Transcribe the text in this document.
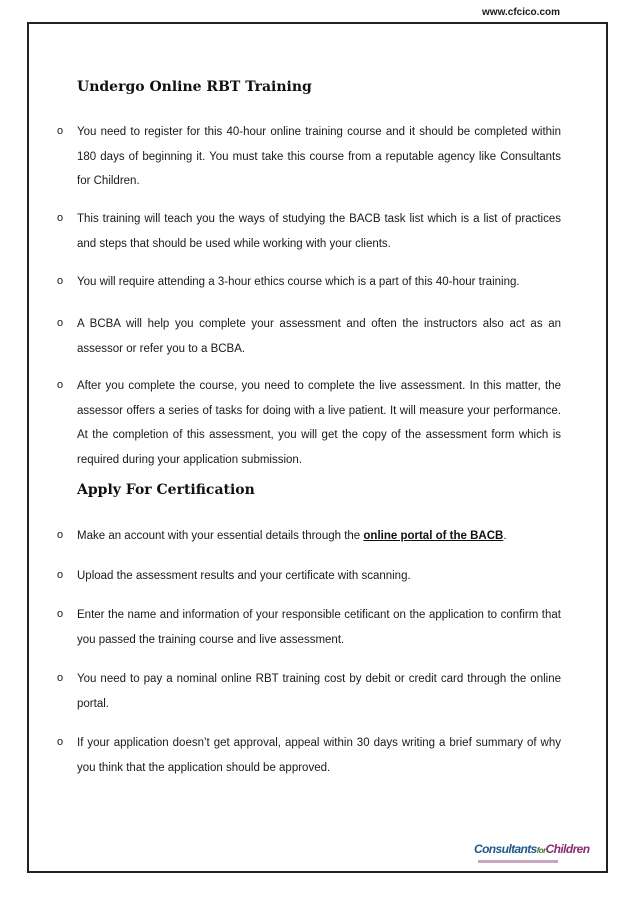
www.cfcico.com
Undergo Online RBT Training
o You need to register for this 40-hour online training course and it should be completed within 180 days of beginning it. You must take this course from a reputable agency like Consultants for Children.

o This training will teach you the ways of studying the BACB task list which is a list of practices and steps that should be used while working with your clients.

o You will require attending a 3-hour ethics course which is a part of this 40-hour training.

o A BCBA will help you complete your assessment and often the instructors also act as an assessor or refer you to a BCBA.

o After you complete the course, you need to complete the live assessment. In this matter, the assessor offers a series of tasks for doing with a live patient. It will measure your performance. At the completion of this assessment, you will get the copy of the assessment form which is required during your application submission.

Apply For Certification
o Make an account with your essential details through the online portal of the BACB.

o Upload the assessment results and your certificate with scanning.

o Enter the name and information of your responsible cetificant on the application to confirm that you passed the training course and live assessment.

o You need to pay a nominal online RBT training cost by debit or credit card through the online portal.

o If your application doesn’t get approval, appeal within 30 days writing a brief summary of why you think that the application should be approved.

ConsultantsforChildren
